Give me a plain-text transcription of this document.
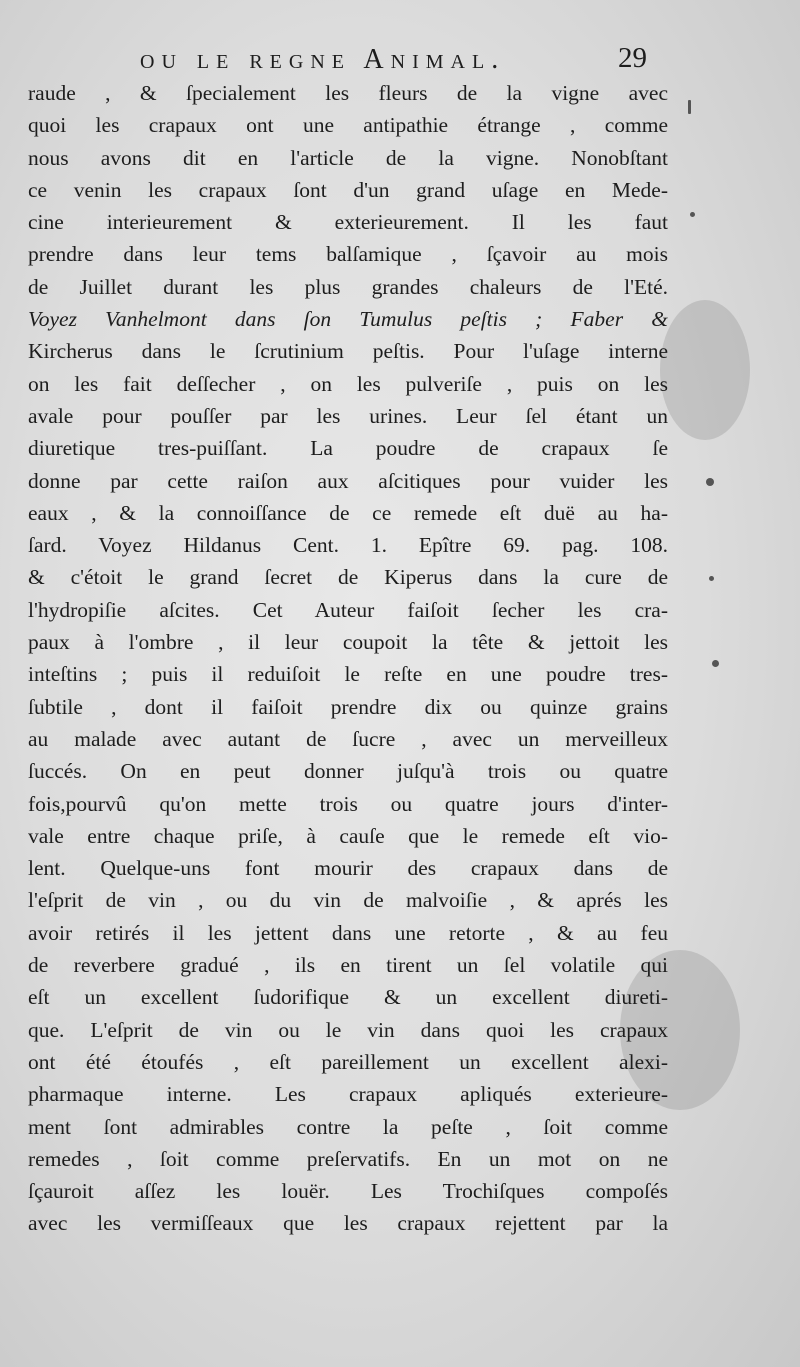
ou le regne Animal.	29
raude , & ſpecialement les fleurs de la vigne avec
quoi les crapaux ont une antipathie étrange , comme
nous avons dit en l'article de la vigne. Nonobſtant
ce venin les crapaux ſont d'un grand uſage en Mede-
cine interieurement & exterieurement. Il les faut
prendre dans leur tems balſamique , ſçavoir au mois
de Juillet durant les plus grandes chaleurs de l'Eté.
Voyez Vanhelmont dans ſon Tumulus peſtis ; Faber &
Kircherus dans le ſcrutinium peſtis. Pour l'uſage interne
on les fait deſſecher , on les pulveriſe , puis on les
avale pour pouſſer par les urines. Leur ſel étant un
diuretique tres-puiſſant. La poudre de crapaux ſe
donne par cette raiſon aux aſcitiques pour vuider les
eaux , & la connoiſſance de ce remede eſt duë au ha-
ſard. Voyez Hildanus Cent. 1. Epître 69. pag. 108.
& c'étoit le grand ſecret de Kiperus dans la cure de
l'hydropiſie aſcites. Cet Auteur faiſoit ſecher les cra-
paux à l'ombre , il leur coupoit la tête & jettoit les
inteſtins ; puis il reduiſoit le reſte en une poudre tres-
ſubtile , dont il faiſoit prendre dix ou quinze grains
au malade avec autant de ſucre , avec un merveilleux
ſuccés. On en peut donner juſqu'à trois ou quatre
fois,pourvû qu'on mette trois ou quatre jours d'inter-
vale entre chaque priſe, à cauſe que le remede eſt vio-
lent. Quelque-uns font mourir des crapaux dans de
l'eſprit de vin , ou du vin de malvoiſie , & aprés les
avoir retirés il les jettent dans une retorte , & au feu
de reverbere gradué , ils en tirent un ſel volatile qui
eſt un excellent ſudorifique & un excellent diureti-
que. L'eſprit de vin ou le vin dans quoi les crapaux
ont été étoufés , eſt pareillement un excellent alexi-
pharmaque interne. Les crapaux apliqués exterieure-
ment ſont admirables contre la peſte , ſoit comme
remedes , ſoit comme preſervatifs. En un mot on ne
ſçauroit aſſez les louër. Les Trochiſques compoſés
avec les vermiſſeaux que les crapaux rejettent par la
